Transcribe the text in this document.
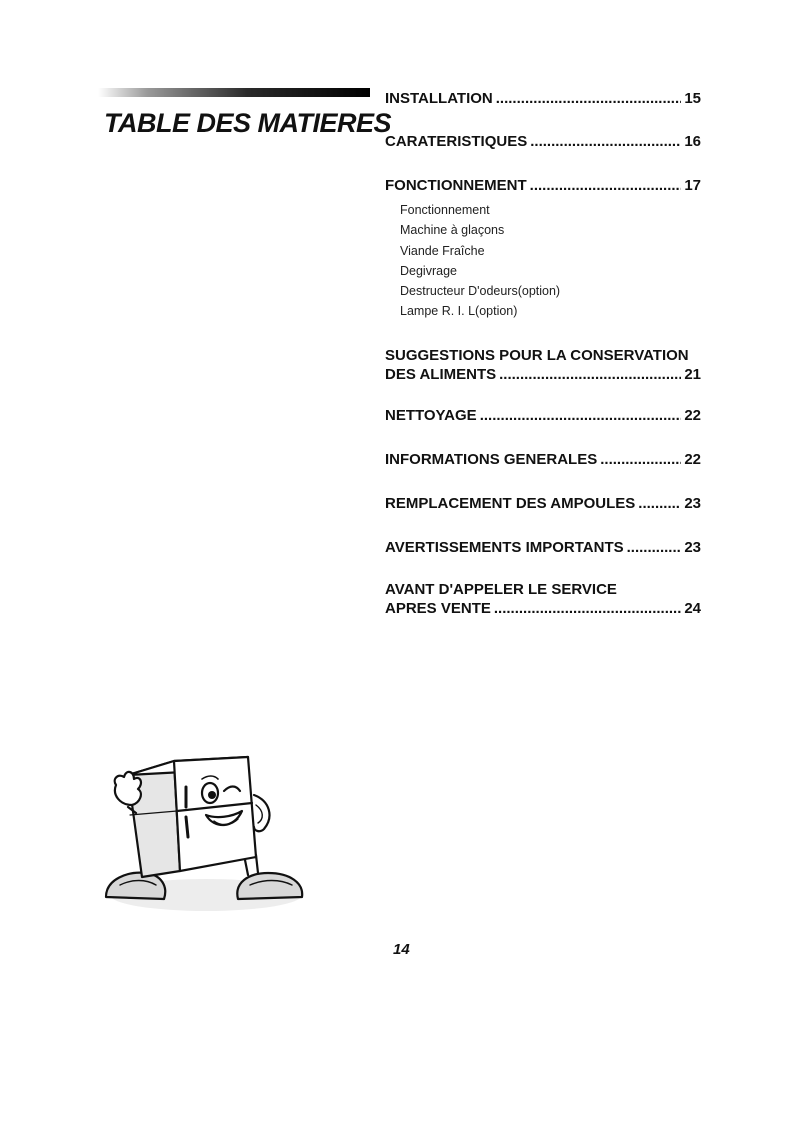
TABLE DES MATIERES
INSTALLATION .....	15
CARATERISTIQUES .....	16
FONCTIONNEMENT .....	17
SUGGESTIONS POUR LA CONSERVATION
DES ALIMENTS .....	21
NETTOYAGE .....	22
INFORMATIONS GENERALES .....	22
REMPLACEMENT DES AMPOULES .....	23
AVERTISSEMENTS IMPORTANTS .....	23
AVANT D'APPELER LE SERVICE
APRES VENTE .....	24
Fonctionnement
Machine à glaçons
Viande Fraîche
Degivrage
Destructeur D'odeurs(option)
Lampe R. I. L(option)
14
